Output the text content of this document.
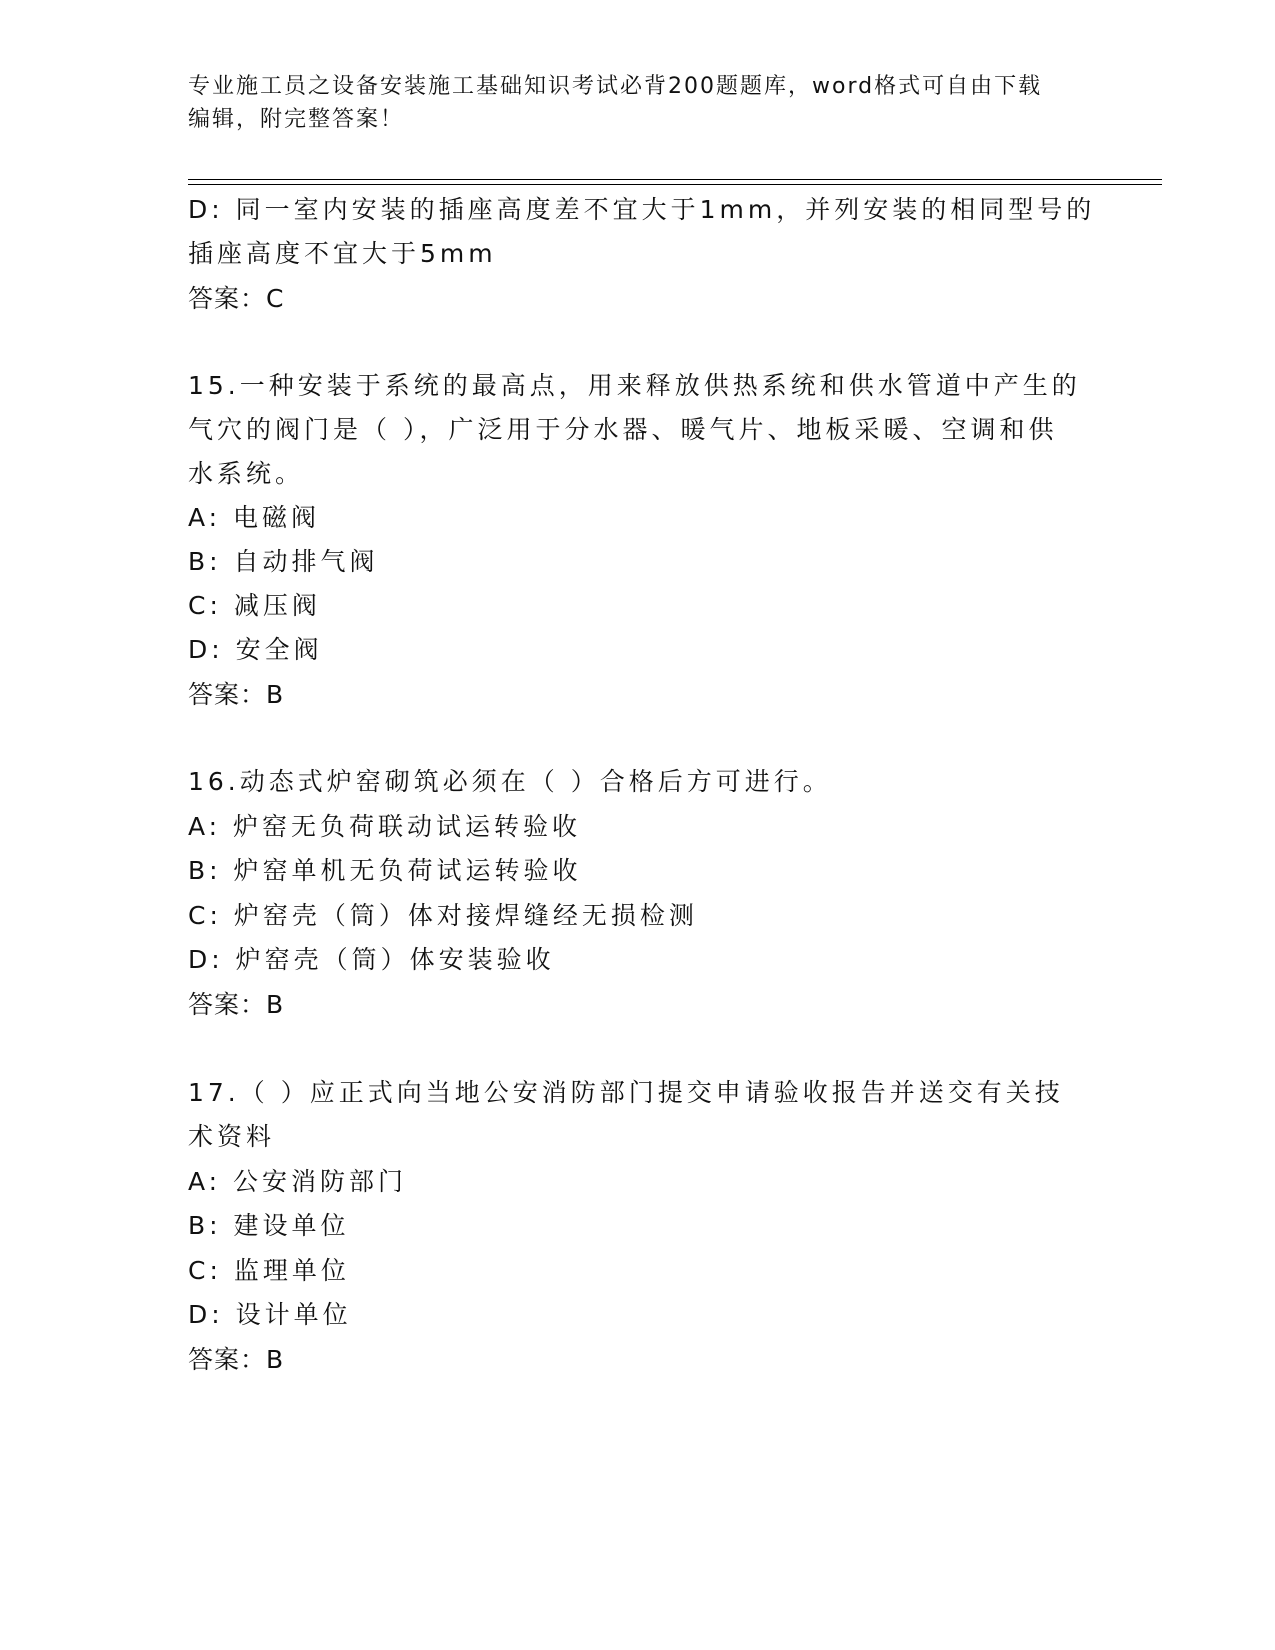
专业施工员之设备安装施工基础知识考试必背200题题库，word格式可自由下载
编辑，附完整答案！
D: 同一室内安装的插座高度差不宜大于1mm，并列安装的相同型号的
插座高度不宜大于5mm
答案：C
15.一种安装于系统的最高点，用来释放供热系统和供水管道中产生的
气穴的阀门是（ ），广泛用于分水器、暖气片、地板采暖、空调和供
水系统。
A: 电磁阀
B: 自动排气阀
C: 减压阀
D: 安全阀
答案：B
16.动态式炉窑砌筑必须在（ ）合格后方可进行。
A: 炉窑无负荷联动试运转验收
B: 炉窑单机无负荷试运转验收
C: 炉窑壳（筒）体对接焊缝经无损检测
D: 炉窑壳（筒）体安装验收
答案：B
17.（ ）应正式向当地公安消防部门提交申请验收报告并送交有关技
术资料
A: 公安消防部门
B: 建设单位
C: 监理单位
D: 设计单位
答案：B
